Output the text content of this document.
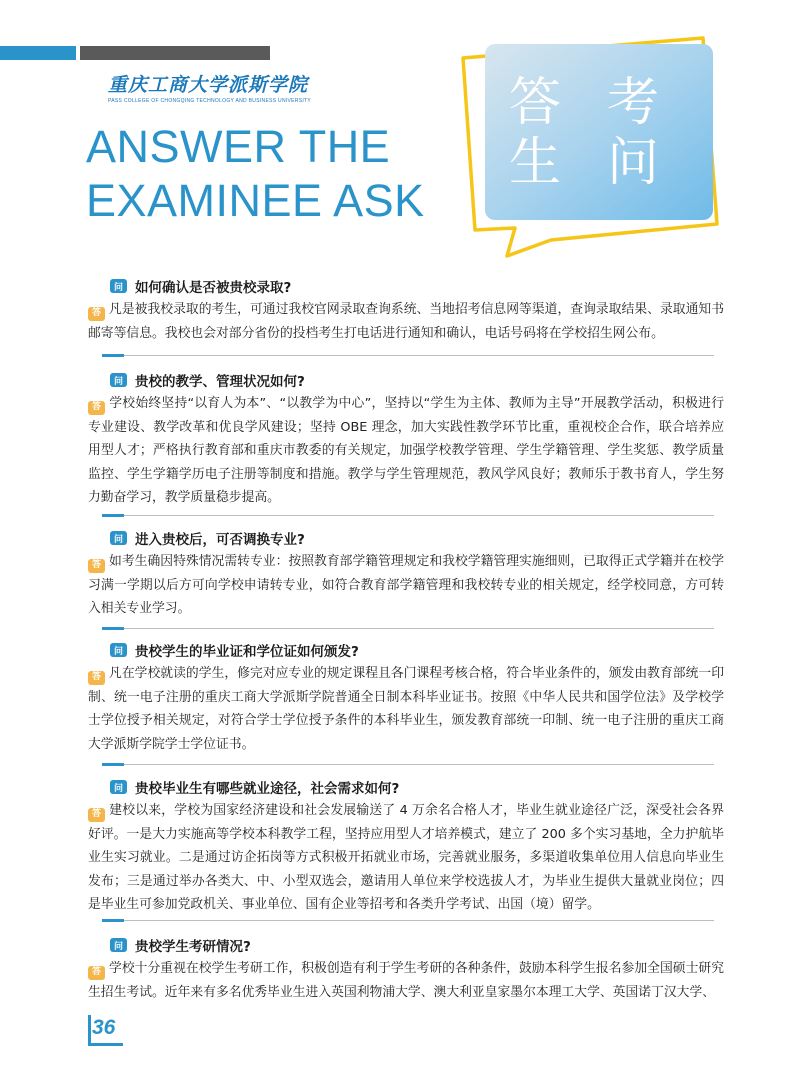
重庆工商大学派斯学院
PASS COLLEGE OF CHONGQING TECHNOLOGY AND BUSINESS UNIVERSITY
ANSWER THE
EXAMINEE ASK
答 考
生 问
问 如何确认是否被贵校录取?
答 凡是被我校录取的考生，可通过我校官网录取查询系统、当地招考信息网等渠道，查询录取结果、录取通知书邮寄等信息。我校也会对部分省份的投档考生打电话进行通知和确认，电话号码将在学校招生网公布。
问 贵校的教学、管理状况如何?
答 学校始终坚持“以育人为本”、“以教学为中心”，坚持以“学生为主体、教师为主导”开展教学活动，积极进行专业建设、教学改革和优良学风建设；坚持 OBE 理念，加大实践性教学环节比重，重视校企合作，联合培养应用型人才；严格执行教育部和重庆市教委的有关规定，加强学校教学管理、学生学籍管理、学生奖惩、教学质量监控、学生学籍学历电子注册等制度和措施。教学与学生管理规范，教风学风良好；教师乐于教书育人，学生努力勤奋学习，教学质量稳步提高。
问 进入贵校后，可否调换专业?
答 如考生确因特殊情况需转专业：按照教育部学籍管理规定和我校学籍管理实施细则，已取得正式学籍并在校学习满一学期以后方可向学校申请转专业，如符合教育部学籍管理和我校转专业的相关规定，经学校同意，方可转入相关专业学习。
问 贵校学生的毕业证和学位证如何颁发?
答 凡在学校就读的学生，修完对应专业的规定课程且各门课程考核合格，符合毕业条件的，颁发由教育部统一印制、统一电子注册的重庆工商大学派斯学院普通全日制本科毕业证书。按照《中华人民共和国学位法》及学校学士学位授予相关规定，对符合学士学位授予条件的本科毕业生，颁发教育部统一印制、统一电子注册的重庆工商大学派斯学院学士学位证书。
问 贵校毕业生有哪些就业途径，社会需求如何?
答 建校以来，学校为国家经济建设和社会发展输送了 4 万余名合格人才，毕业生就业途径广泛，深受社会各界好评。一是大力实施高等学校本科教学工程，坚持应用型人才培养模式，建立了 200 多个实习基地，全力护航毕业生实习就业。二是通过访企拓岗等方式积极开拓就业市场，完善就业服务，多渠道收集单位用人信息向毕业生发布；三是通过举办各类大、中、小型双选会，邀请用人单位来学校选拔人才，为毕业生提供大量就业岗位；四是毕业生可参加党政机关、事业单位、国有企业等招考和各类升学考试、出国（境）留学。
问 贵校学生考研情况?
答 学校十分重视在校学生考研工作，积极创造有利于学生考研的各种条件，鼓励本科学生报名参加全国硕士研究生招生考试。近年来有多名优秀毕业生进入英国利物浦大学、澳大利亚皇家墨尔本理工大学、英国诺丁汉大学、
36
